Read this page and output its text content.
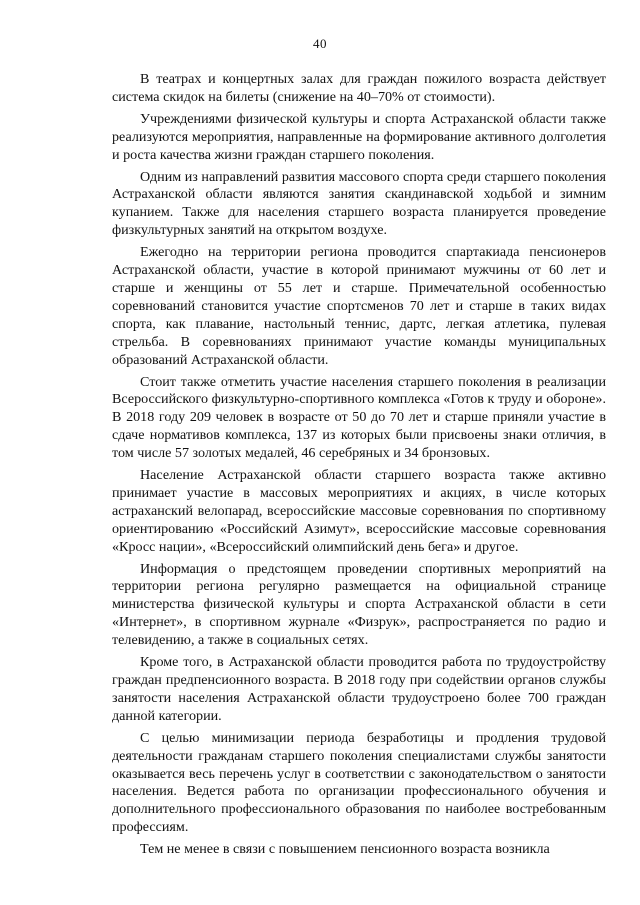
40

В театрах и концертных залах для граждан пожилого возраста действует система скидок на билеты (снижение на 40–70% от стоимости).

Учреждениями физической культуры и спорта Астраханской области также реализуются мероприятия, направленные на формирование активного долголетия и роста качества жизни граждан старшего поколения.

Одним из направлений развития массового спорта среди старшего поколения Астраханской области являются занятия скандинавской ходьбой и зимним купанием. Также для населения старшего возраста планируется проведение физкультурных занятий на открытом воздухе.

Ежегодно на территории региона проводится спартакиада пенсионеров Астраханской области, участие в которой принимают мужчины от 60 лет и старше и женщины от 55 лет и старше. Примечательной особенностью соревнований становится участие спортсменов 70 лет и старше в таких видах спорта, как плавание, настольный теннис, дартс, легкая атлетика, пулевая стрельба. В соревнованиях принимают участие команды муниципальных образований Астраханской области.

Стоит также отметить участие населения старшего поколения в реализации Всероссийского физкультурно-спортивного комплекса «Готов к труду и обороне». В 2018 году 209 человек в возрасте от 50 до 70 лет и старше приняли участие в сдаче нормативов комплекса, 137 из которых были присвоены знаки отличия, в том числе 57 золотых медалей, 46 серебряных и 34 бронзовых.

Население Астраханской области старшего возраста также активно принимает участие в массовых мероприятиях и акциях, в числе которых астраханский велопарад, всероссийские массовые соревнования по спортивному ориентированию «Российский Азимут», всероссийские массовые соревнования «Кросс нации», «Всероссийский олимпийский день бега» и другое.

Информация о предстоящем проведении спортивных мероприятий на территории региона регулярно размещается на официальной странице министерства физической культуры и спорта Астраханской области в сети «Интернет», в спортивном журнале «Физрук», распространяется по радио и телевидению, а также в социальных сетях.

Кроме того, в Астраханской области проводится работа по трудоустройству граждан предпенсионного возраста. В 2018 году при содействии органов службы занятости населения Астраханской области трудоустроено более 700 граждан данной категории.

С целью минимизации периода безработицы и продления трудовой деятельности гражданам старшего поколения специалистами службы занятости оказывается весь перечень услуг в соответствии с законодательством о занятости населения. Ведется работа по организации профессионального обучения и дополнительного профессионального образования по наиболее востребованным профессиям.

Тем не менее в связи с повышением пенсионного возраста возникла
